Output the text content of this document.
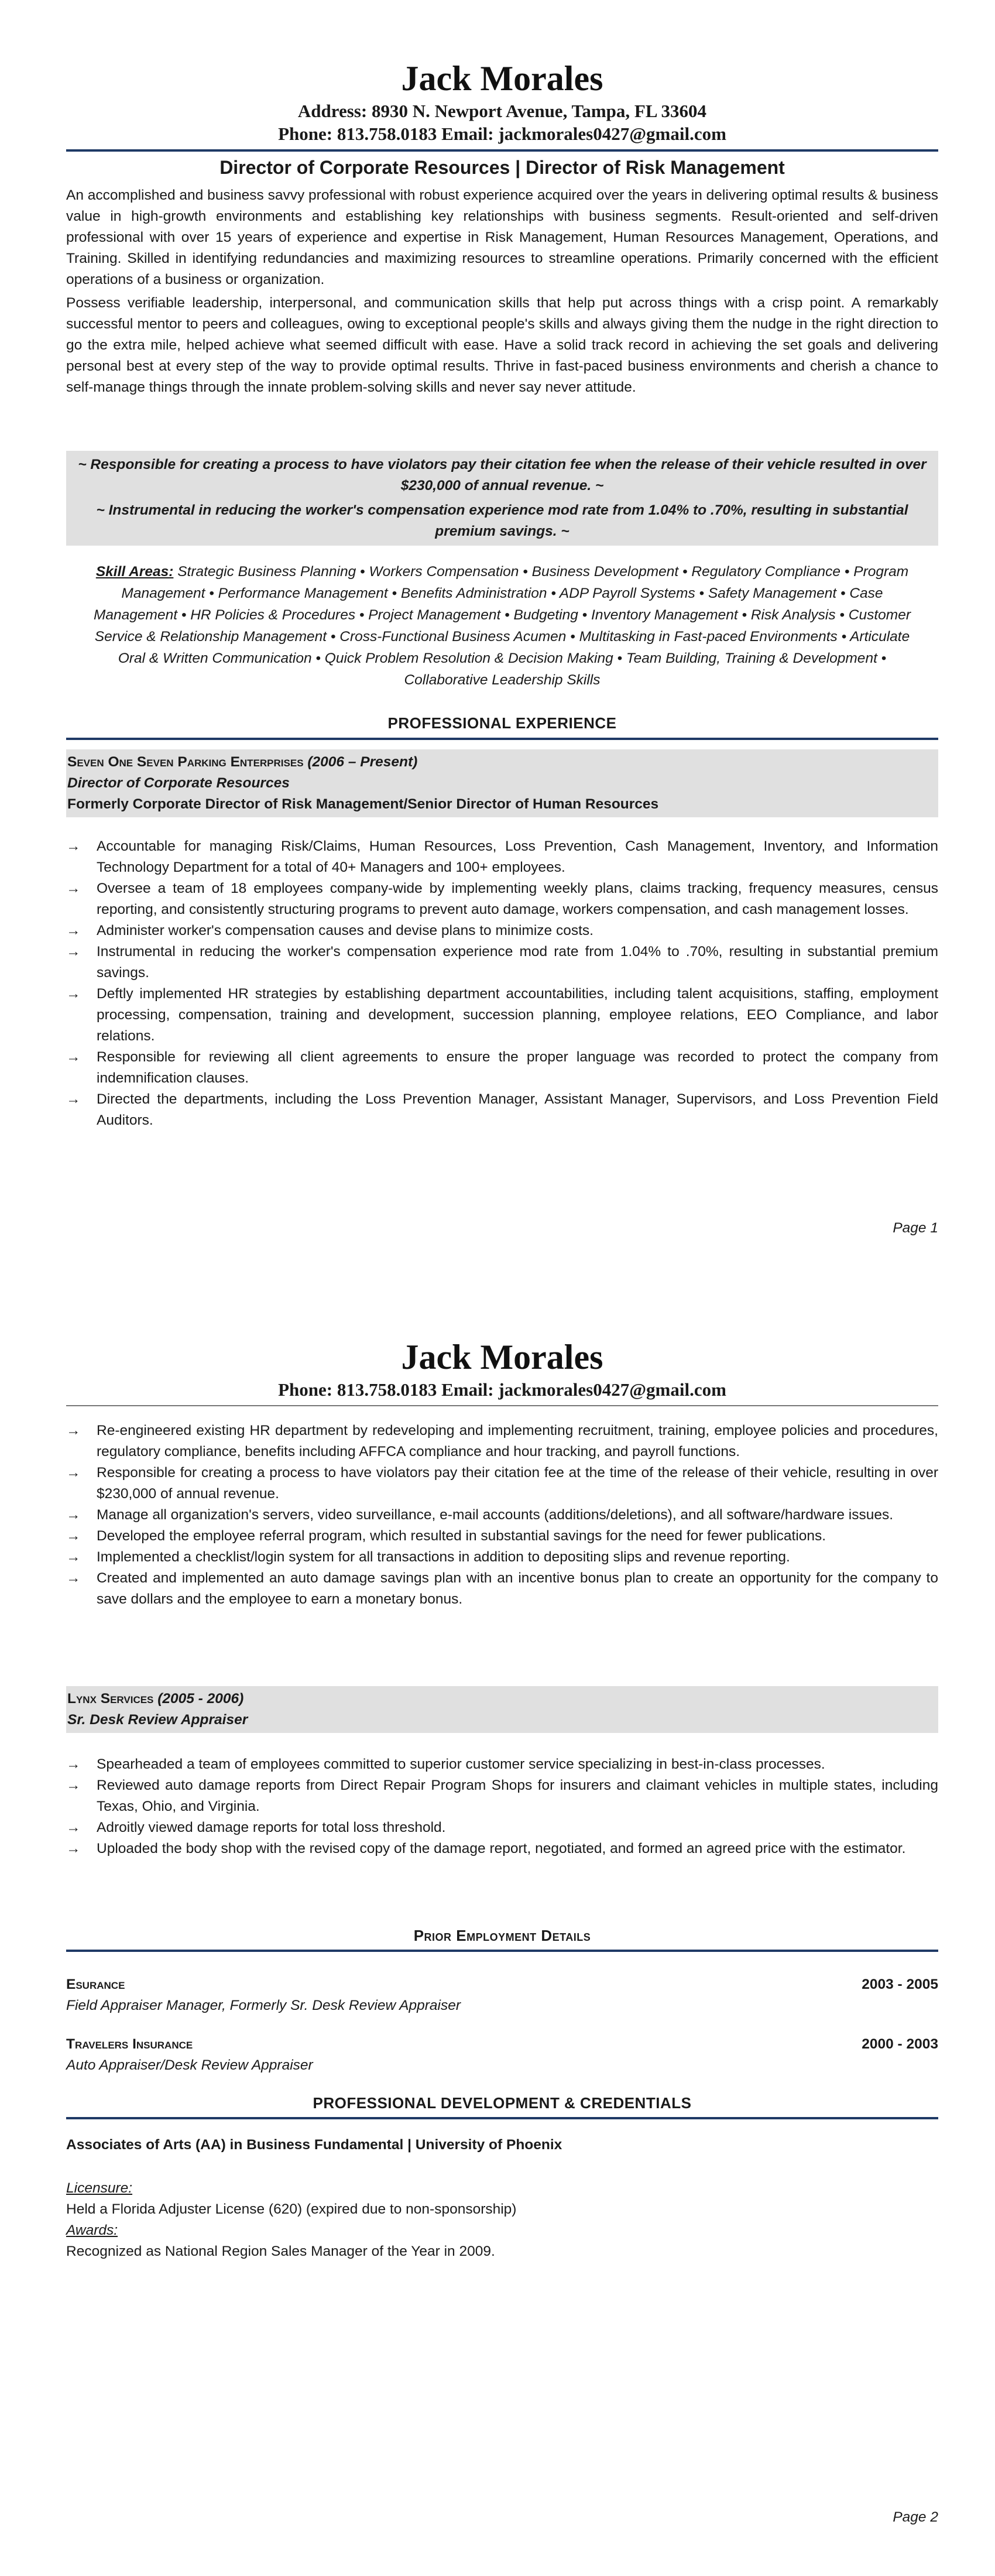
Jack Morales
Address: 8930 N. Newport Avenue, Tampa, FL 33604
Phone: 813.758.0183 Email: jackmorales0427@gmail.com
Director of Corporate Resources | Director of Risk Management
An accomplished and business savvy professional with robust experience acquired over the years in delivering optimal results & business value in high-growth environments and establishing key relationships with business segments. Result-oriented and self-driven professional with over 15 years of experience and expertise in Risk Management, Human Resources Management, Operations, and Training. Skilled in identifying redundancies and maximizing resources to streamline operations. Primarily concerned with the efficient operations of a business or organization.
Possess verifiable leadership, interpersonal, and communication skills that help put across things with a crisp point. A remarkably successful mentor to peers and colleagues, owing to exceptional people's skills and always giving them the nudge in the right direction to go the extra mile, helped achieve what seemed difficult with ease. Have a solid track record in achieving the set goals and delivering personal best at every step of the way to provide optimal results. Thrive in fast-paced business environments and cherish a chance to self-manage things through the innate problem-solving skills and never say never attitude.
~ Responsible for creating a process to have violators pay their citation fee when the release of their vehicle resulted in over $230,000 of annual revenue. ~
~ Instrumental in reducing the worker's compensation experience mod rate from 1.04% to .70%, resulting in substantial premium savings. ~
Skill Areas: Strategic Business Planning • Workers Compensation • Business Development • Regulatory Compliance • Program Management • Performance Management • Benefits Administration • ADP Payroll Systems • Safety Management • Case Management • HR Policies & Procedures • Project Management • Budgeting • Inventory Management • Risk Analysis • Customer Service & Relationship Management • Cross-Functional Business Acumen • Multitasking in Fast-paced Environments • Articulate Oral & Written Communication • Quick Problem Resolution & Decision Making • Team Building, Training & Development • Collaborative Leadership Skills
PROFESSIONAL EXPERIENCE
Seven One Seven Parking Enterprises (2006 – Present)
Director of Corporate Resources
Formerly Corporate Director of Risk Management/Senior Director of Human Resources
→	Accountable for managing Risk/Claims, Human Resources, Loss Prevention, Cash Management, Inventory, and Information Technology Department for a total of 40+ Managers and 100+ employees.
→	Oversee a team of 18 employees company-wide by implementing weekly plans, claims tracking, frequency measures, census reporting, and consistently structuring programs to prevent auto damage, workers compensation, and cash management losses.
→	Administer worker's compensation causes and devise plans to minimize costs.
→	Instrumental in reducing the worker's compensation experience mod rate from 1.04% to .70%, resulting in substantial premium savings.
→	Deftly implemented HR strategies by establishing department accountabilities, including talent acquisitions, staffing, employment processing, compensation, training and development, succession planning, employee relations, EEO Compliance, and labor relations.
→	Responsible for reviewing all client agreements to ensure the proper language was recorded to protect the company from indemnification clauses.
→	Directed the departments, including the Loss Prevention Manager, Assistant Manager, Supervisors, and Loss Prevention Field Auditors.
Page 1
Jack Morales
Phone: 813.758.0183 Email: jackmorales0427@gmail.com
→	Re-engineered existing HR department by redeveloping and implementing recruitment, training, employee policies and procedures, regulatory compliance, benefits including AFFCA compliance and hour tracking, and payroll functions.
→	Responsible for creating a process to have violators pay their citation fee at the time of the release of their vehicle, resulting in over $230,000 of annual revenue.
→	Manage all organization's servers, video surveillance, e-mail accounts (additions/deletions), and all software/hardware issues.
→	Developed the employee referral program, which resulted in substantial savings for the need for fewer publications.
→	Implemented a checklist/login system for all transactions in addition to depositing slips and revenue reporting.
→	Created and implemented an auto damage savings plan with an incentive bonus plan to create an opportunity for the company to save dollars and the employee to earn a monetary bonus.
Lynx Services (2005 - 2006)
Sr. Desk Review Appraiser
→	Spearheaded a team of employees committed to superior customer service specializing in best-in-class processes.
→	Reviewed auto damage reports from Direct Repair Program Shops for insurers and claimant vehicles in multiple states, including Texas, Ohio, and Virginia.
→	Adroitly viewed damage reports for total loss threshold.
→	Uploaded the body shop with the revised copy of the damage report, negotiated, and formed an agreed price with the estimator.
Prior Employment Details
Esurance	2003 - 2005
Field Appraiser Manager, Formerly Sr. Desk Review Appraiser
Travelers Insurance	2000 - 2003
Auto Appraiser/Desk Review Appraiser
PROFESSIONAL DEVELOPMENT & CREDENTIALS
Associates of Arts (AA) in Business Fundamental | University of Phoenix
Licensure:
Held a Florida Adjuster License (620) (expired due to non-sponsorship)
Awards:
Recognized as National Region Sales Manager of the Year in 2009.
Page 2
